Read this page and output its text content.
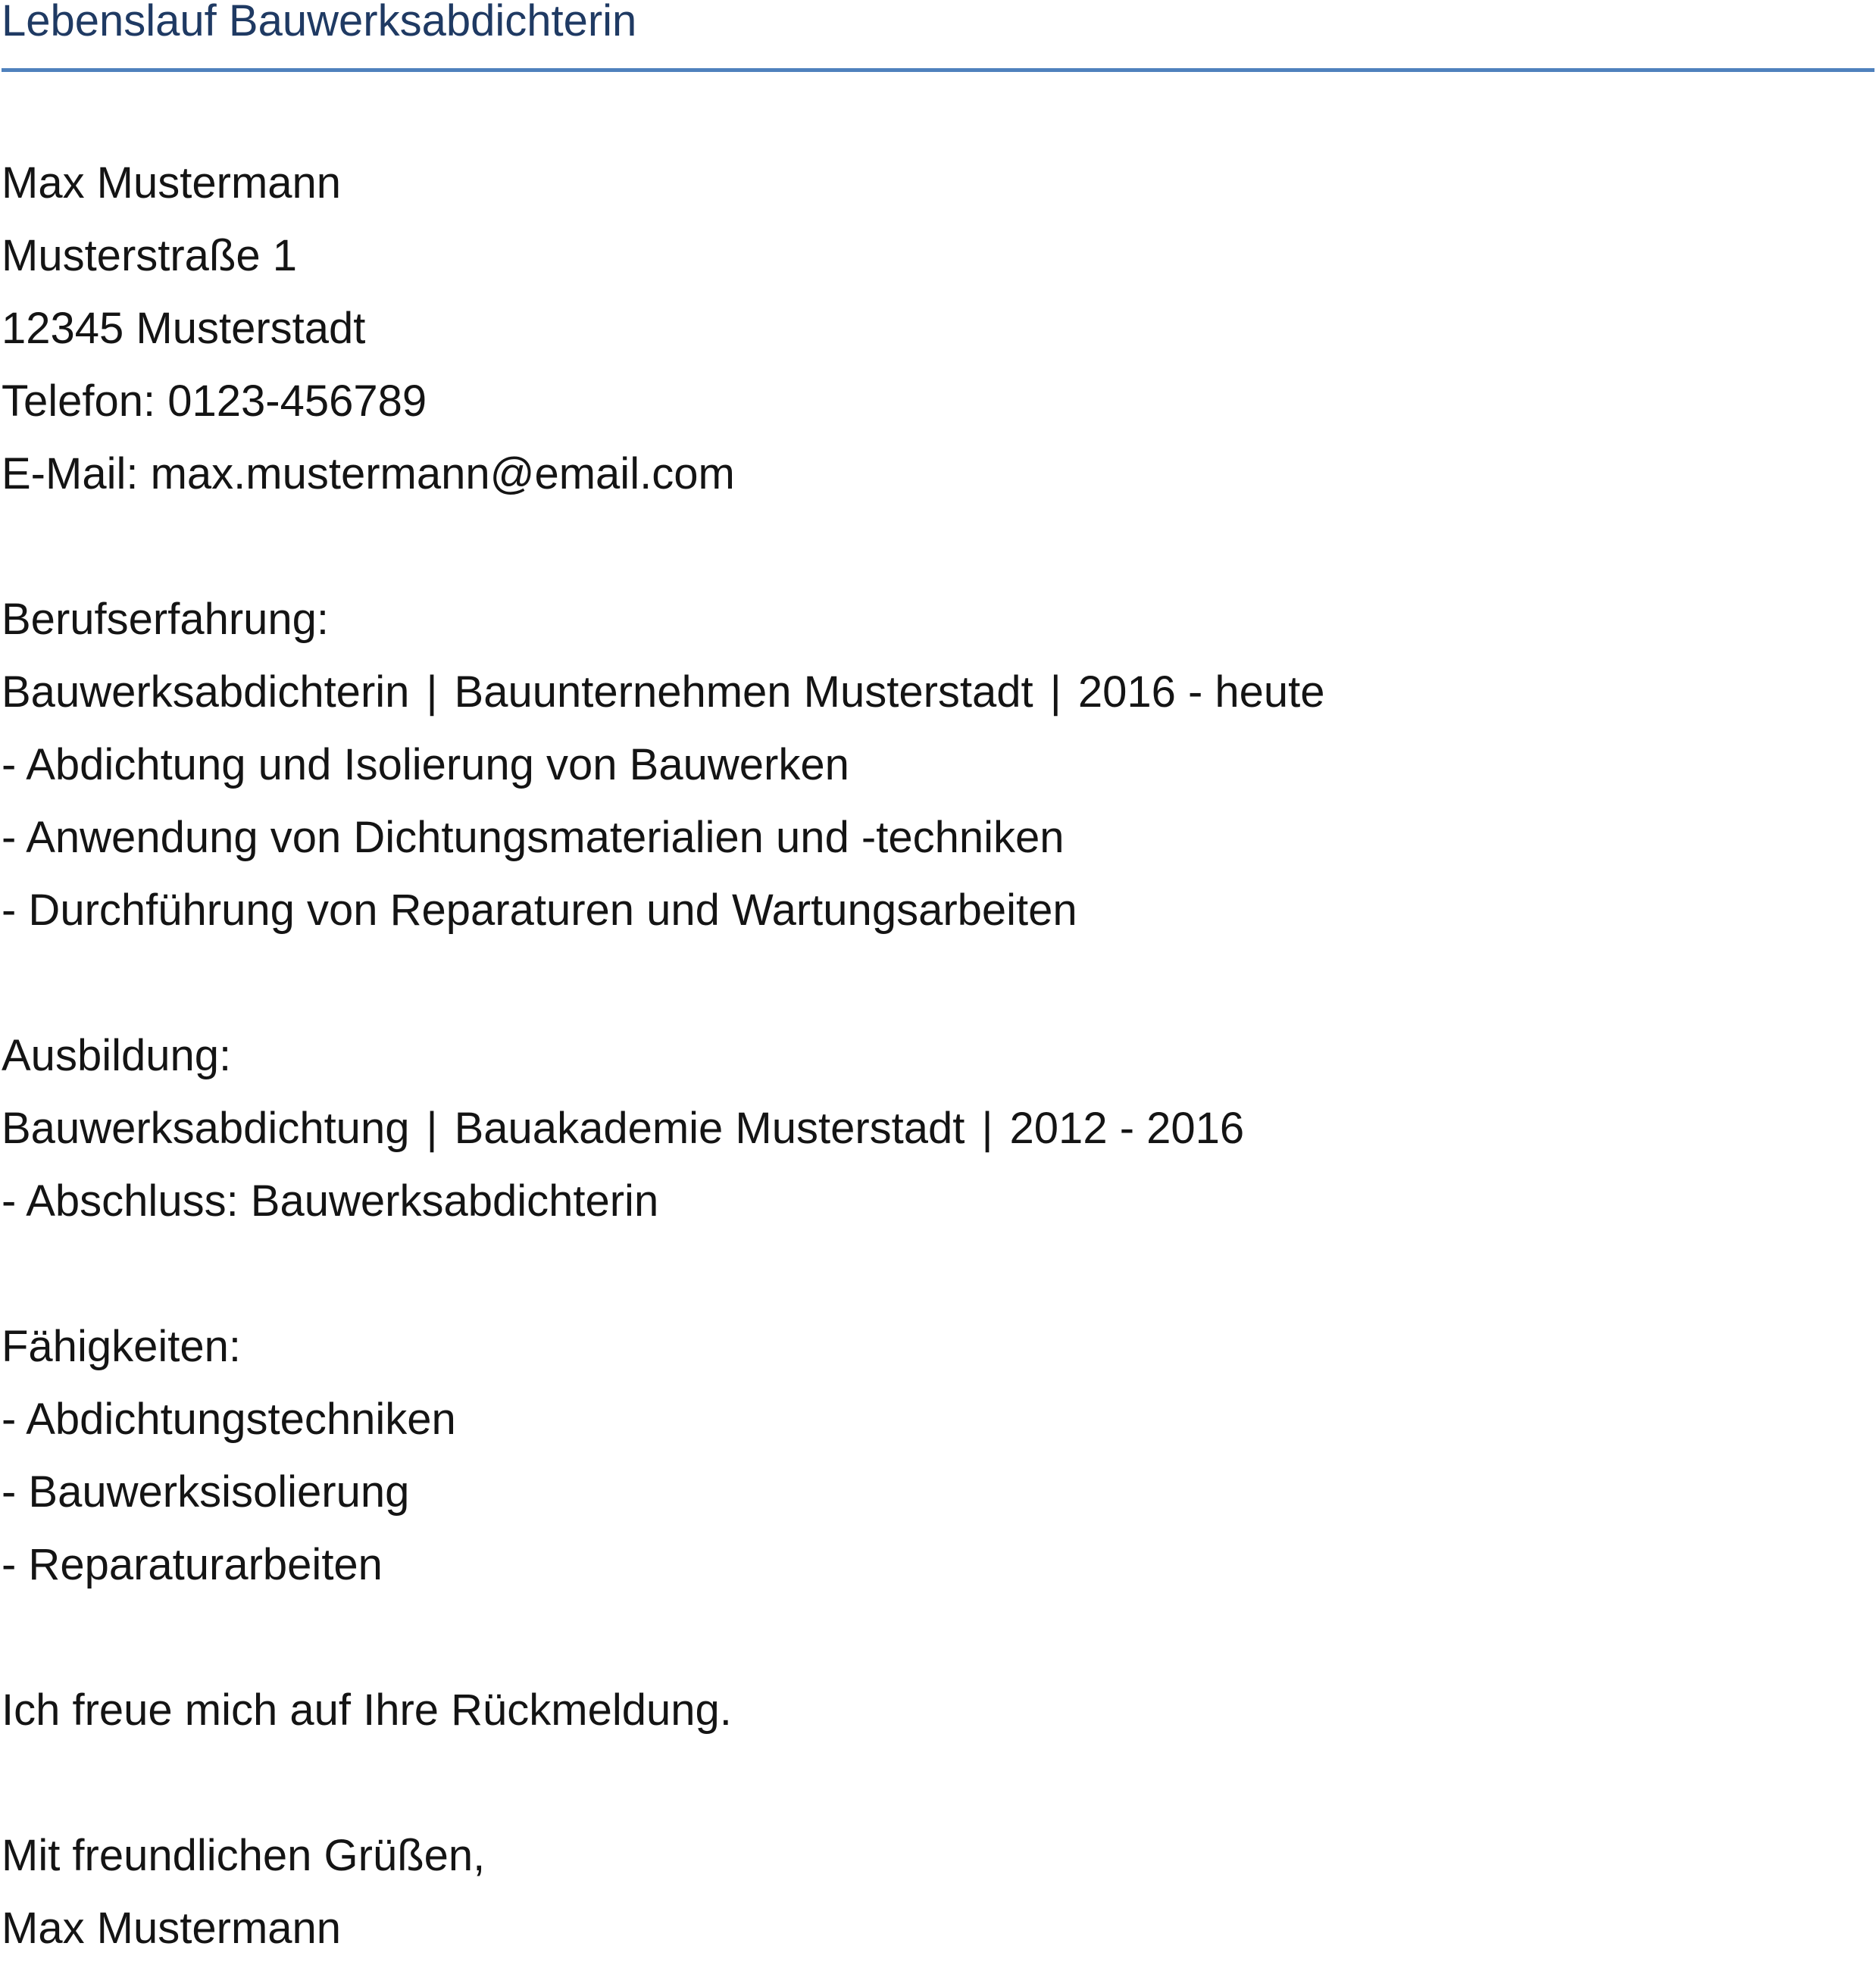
Lebenslauf Bauwerksabdichterin
Max Mustermann
Musterstraße 1
12345 Musterstadt
Telefon: 0123-456789
E-Mail: max.mustermann@email.com
Berufserfahrung:
Bauwerksabdichterin | Bauunternehmen Musterstadt | 2016 - heute
- Abdichtung und Isolierung von Bauwerken
- Anwendung von Dichtungsmaterialien und -techniken
- Durchführung von Reparaturen und Wartungsarbeiten
Ausbildung:
Bauwerksabdichtung | Bauakademie Musterstadt | 2012 - 2016
- Abschluss: Bauwerksabdichterin
Fähigkeiten:
- Abdichtungstechniken
- Bauwerksisolierung
- Reparaturarbeiten
Ich freue mich auf Ihre Rückmeldung.
Mit freundlichen Grüßen,
Max Mustermann
